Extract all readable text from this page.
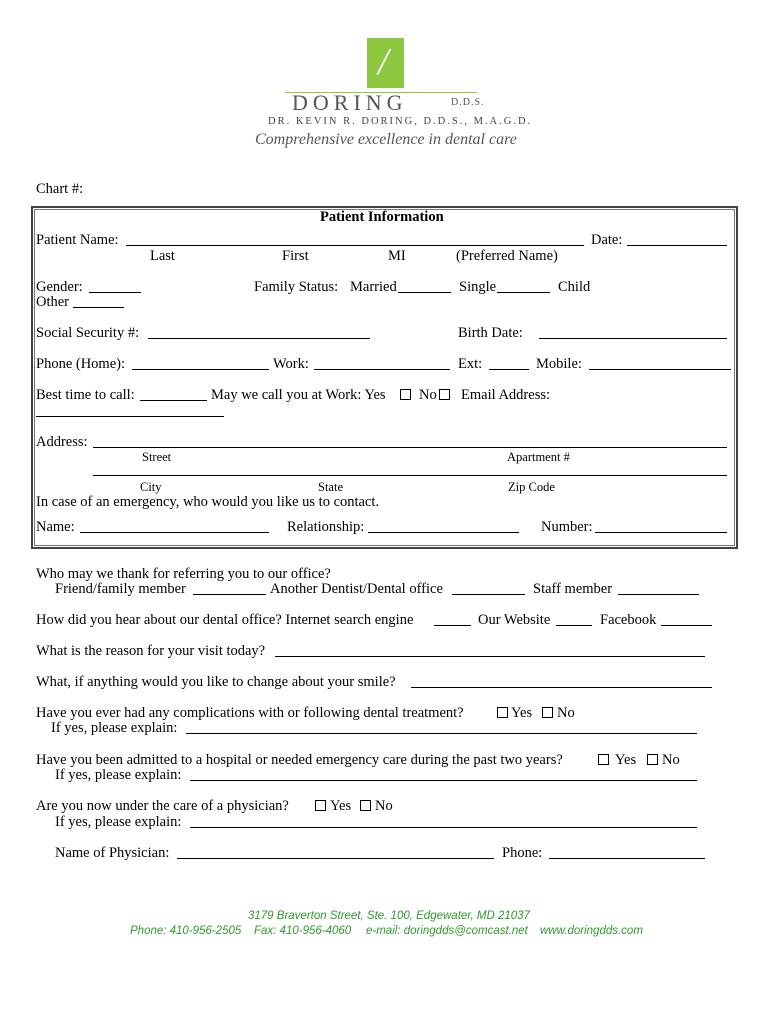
/
DORING	D.D.S.
DR. KEVIN R. DORING, D.D.S., M.A.G.D.
Comprehensive excellence in dental care
Chart #:
Patient Information
Patient Name:	Date:
Last	First	MI	(Preferred Name)
Gender:	Family Status: Married	Single	Child
Other
Social Security #:	Birth Date:
Phone (Home):	Work:	Ext:	Mobile:
Best time to call:	May we call you at Work: Yes No Email Address:
Address:
Street	Apartment #
City	State	Zip Code
In case of an emergency, who would you like us to contact.
Name:	Relationship:	Number:
Who may we thank for referring you to our office?
Friend/family member	Another Dentist/Dental office	Staff member
How did you hear about our dental office? Internet search engine	Our Website	Facebook
What is the reason for your visit today?
What, if anything would you like to change about your smile?
Have you ever had any complications with or following dental treatment?	Yes No
If yes, please explain:
Have you been admitted to a hospital or needed emergency care during the past two years?	Yes No
If yes, please explain:
Are you now under the care of a physician?	Yes No
If yes, please explain:
Name of Physician:	Phone:
3179 Braverton Street, Ste. 100, Edgewater, MD 21037
Phone: 410-956-2505 Fax: 410-956-4060 e-mail: doringdds@comcast.net www.doringdds.com
